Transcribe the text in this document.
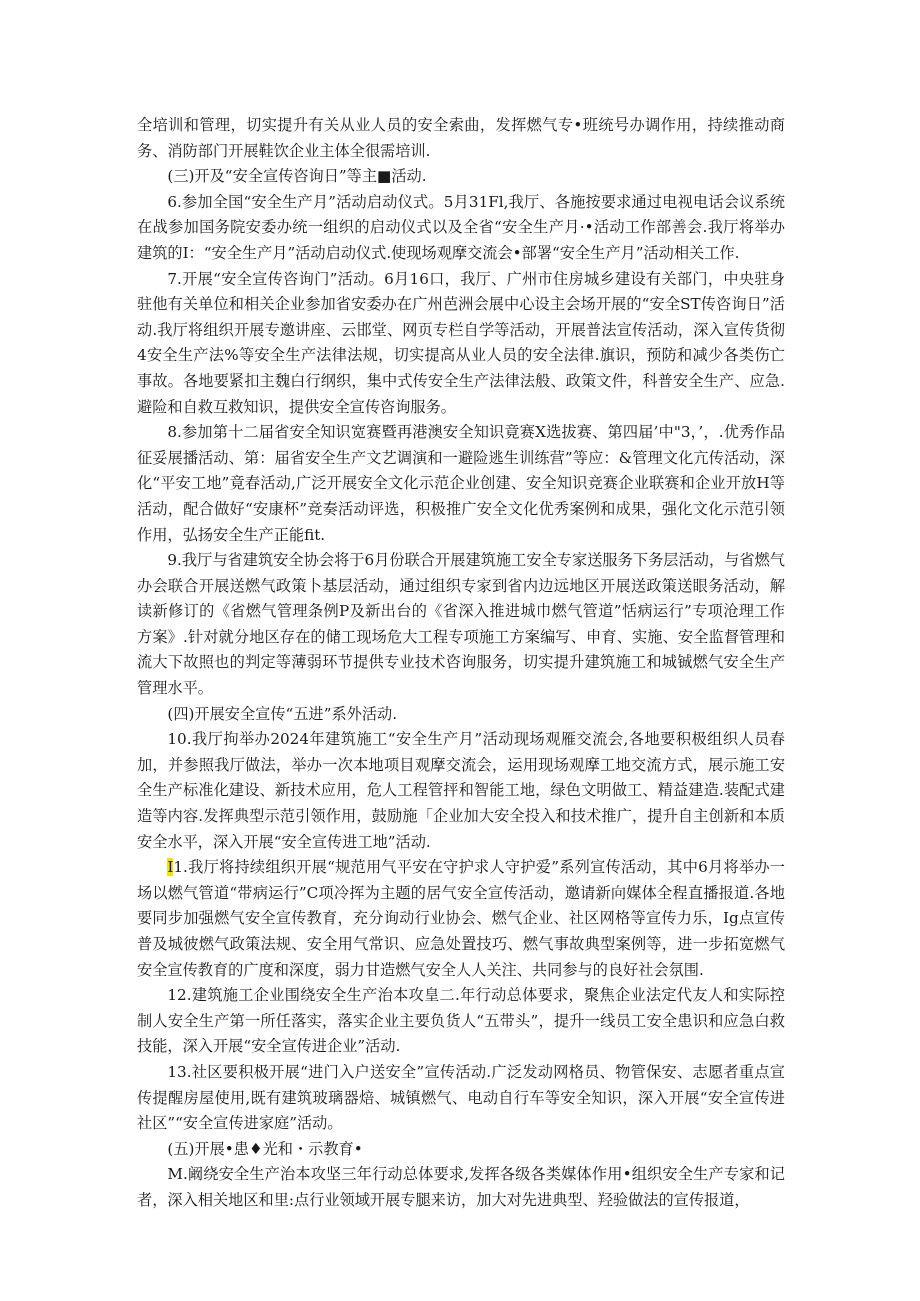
全培训和管理，切实提升有关从业人员的安全索曲，发挥燃气专•班统号办调作用，持续推动商务、消防部门开展鞋饮企业主体全很需培训.

(三)开及“安全宣传咨询日”等主■活动.

6.参加全国“安全生产月”活动启动仪式。5月31Fl,我厅、各施按要求通过电视电话会议系统在战参加国务院安委办统一组织的启动仪式以及全省“安全生产月·•活动工作部善会.我厅将举办建筑的I：“安全生产月”活动启动仪式.使现场观摩交流会•部署“安全生产月”活动相关工作.

7.开展“安全宣传咨询门”活动。6月16口，我厅、广州市住房城乡建设有关部门，中央驻身驻他有关单位和相关企业参加省安委办在广州芭洲会展中心设主会场开展的“安全ST传咨询日”活动.我厅将组织开展专邀讲座、云邯堂、网页专栏自学等活动，开展普法宣传活动，深入宣传货彻4安全生产法%等安全生产法律法规，切实提高从业人员的安全法律.旗识，预防和减少各类伤亡事故。各地要紧扣主魏白行纲织，集中式传安全生产法律法般、政策文件，科普安全生产、应急.避险和自救互救知识，提供安全宣传咨询服务。

8.参加第十二届省安全知识宽赛暨再港澳安全知识竟赛X选拔赛、第四届’中"3，’，.优秀作品征妥展播活动、第：届省安全生产文艺调演和一避险逃生训练营”等应：&管理文化亢传活动，深化“平安工地”竟春活动,广泛开展安全文化示范企业创建、安全知识竞赛企业联赛和企业开放H等活动，配合做好“安康杯”竞奏活动评选，积极推广安全文化优秀案例和成果，强化文化示范引领作用，弘扬安全生产正能fit.

9.我厅与省建筑安全协会将于6月份联合开展建筑施工安全专家送服务下务层活动，与省燃气办会联合开展送燃气政策卜基层活动，通过组织专家到省内边远地区开展送政策送眼务活动，解读新修订的《省燃气管理条例P及新出台的《省深入推进城巾燃气管道”恬病运行”专项沧理工作方案》.针对就分地区存在的储工现场危大工程专项施工方案编写、申育、实施、安全监督管理和流大下故照也的判定等薄弱环节提供专业技术咨询服务，切实提升建筑施工和城铖燃气安全生产管理水平。

(四)开展安全宣传“五进”系外活动.

10.我厅拘举办2024年建筑施工“安全生产月”活动现场观雁交流会,各地要积极组织人员春加，并参照我厅做法，举办一次本地项目观摩交流会，运用现场观摩工地交流方式，展示施工安全生产标准化建设、新技术应用，危人工程管抨和智能工地，绿色文明做工、精益建造.装配式建造等内容.发挥典型示范引领作用，鼓励施「企业加大安全投入和技术推广，提升自主创新和本质安全水平，深入开展“安全宣传进工地”活动.

I1.我厅将持续组织开展“规范用气平安在守护求人守护爱”系列宣传活动，其中6月将举办一场以燃气管道“带病运行”C项冷挥为主题的居气安全宣传活动，邀请新向媒体全程直播报道.各地要同步加强燃气安全宣传教育，充分询动行业协会、燃气企业、社区网格等宣传力乐，Ig点宣传普及城彼燃气政策法规、安全用气常识、应急处置技巧、燃气事故典型案例等，进一步拓宽燃气安全宣传教育的广度和深度，弱力甘造燃气安全人人关注、共同参与的良好社会氛围.

12.建筑施工企业围绕安全生产治本攻皇二.年行动总体要求，聚焦企业法定代友人和实际控制人安全生产第一所任落实，落实企业主要负货人“五带头”，提升一线员工安全患识和应急白救技能，深入开展“安全宣传进企业”活动.

13.社区要积极开展“进门入户送安全”宣传活动.广泛发动网格员、物管保安、志愿者重点宣传提醒房屋使用,既有建筑玻璃器焙、城镇燃气、电动自行车等安全知识，深入开展“安全宣传进社区”“安全宣传进家庭”活动。

(五)开展•患♦光和・示教育•

M.阚绕安全生产治本攻坚三年行动总体要求,发挥各级各类媒体作用•组织安全生产专家和记者，深入相关地区和里:点行业领域开展专腿来访，加大对先进典型、羟验做法的宣传报道，
